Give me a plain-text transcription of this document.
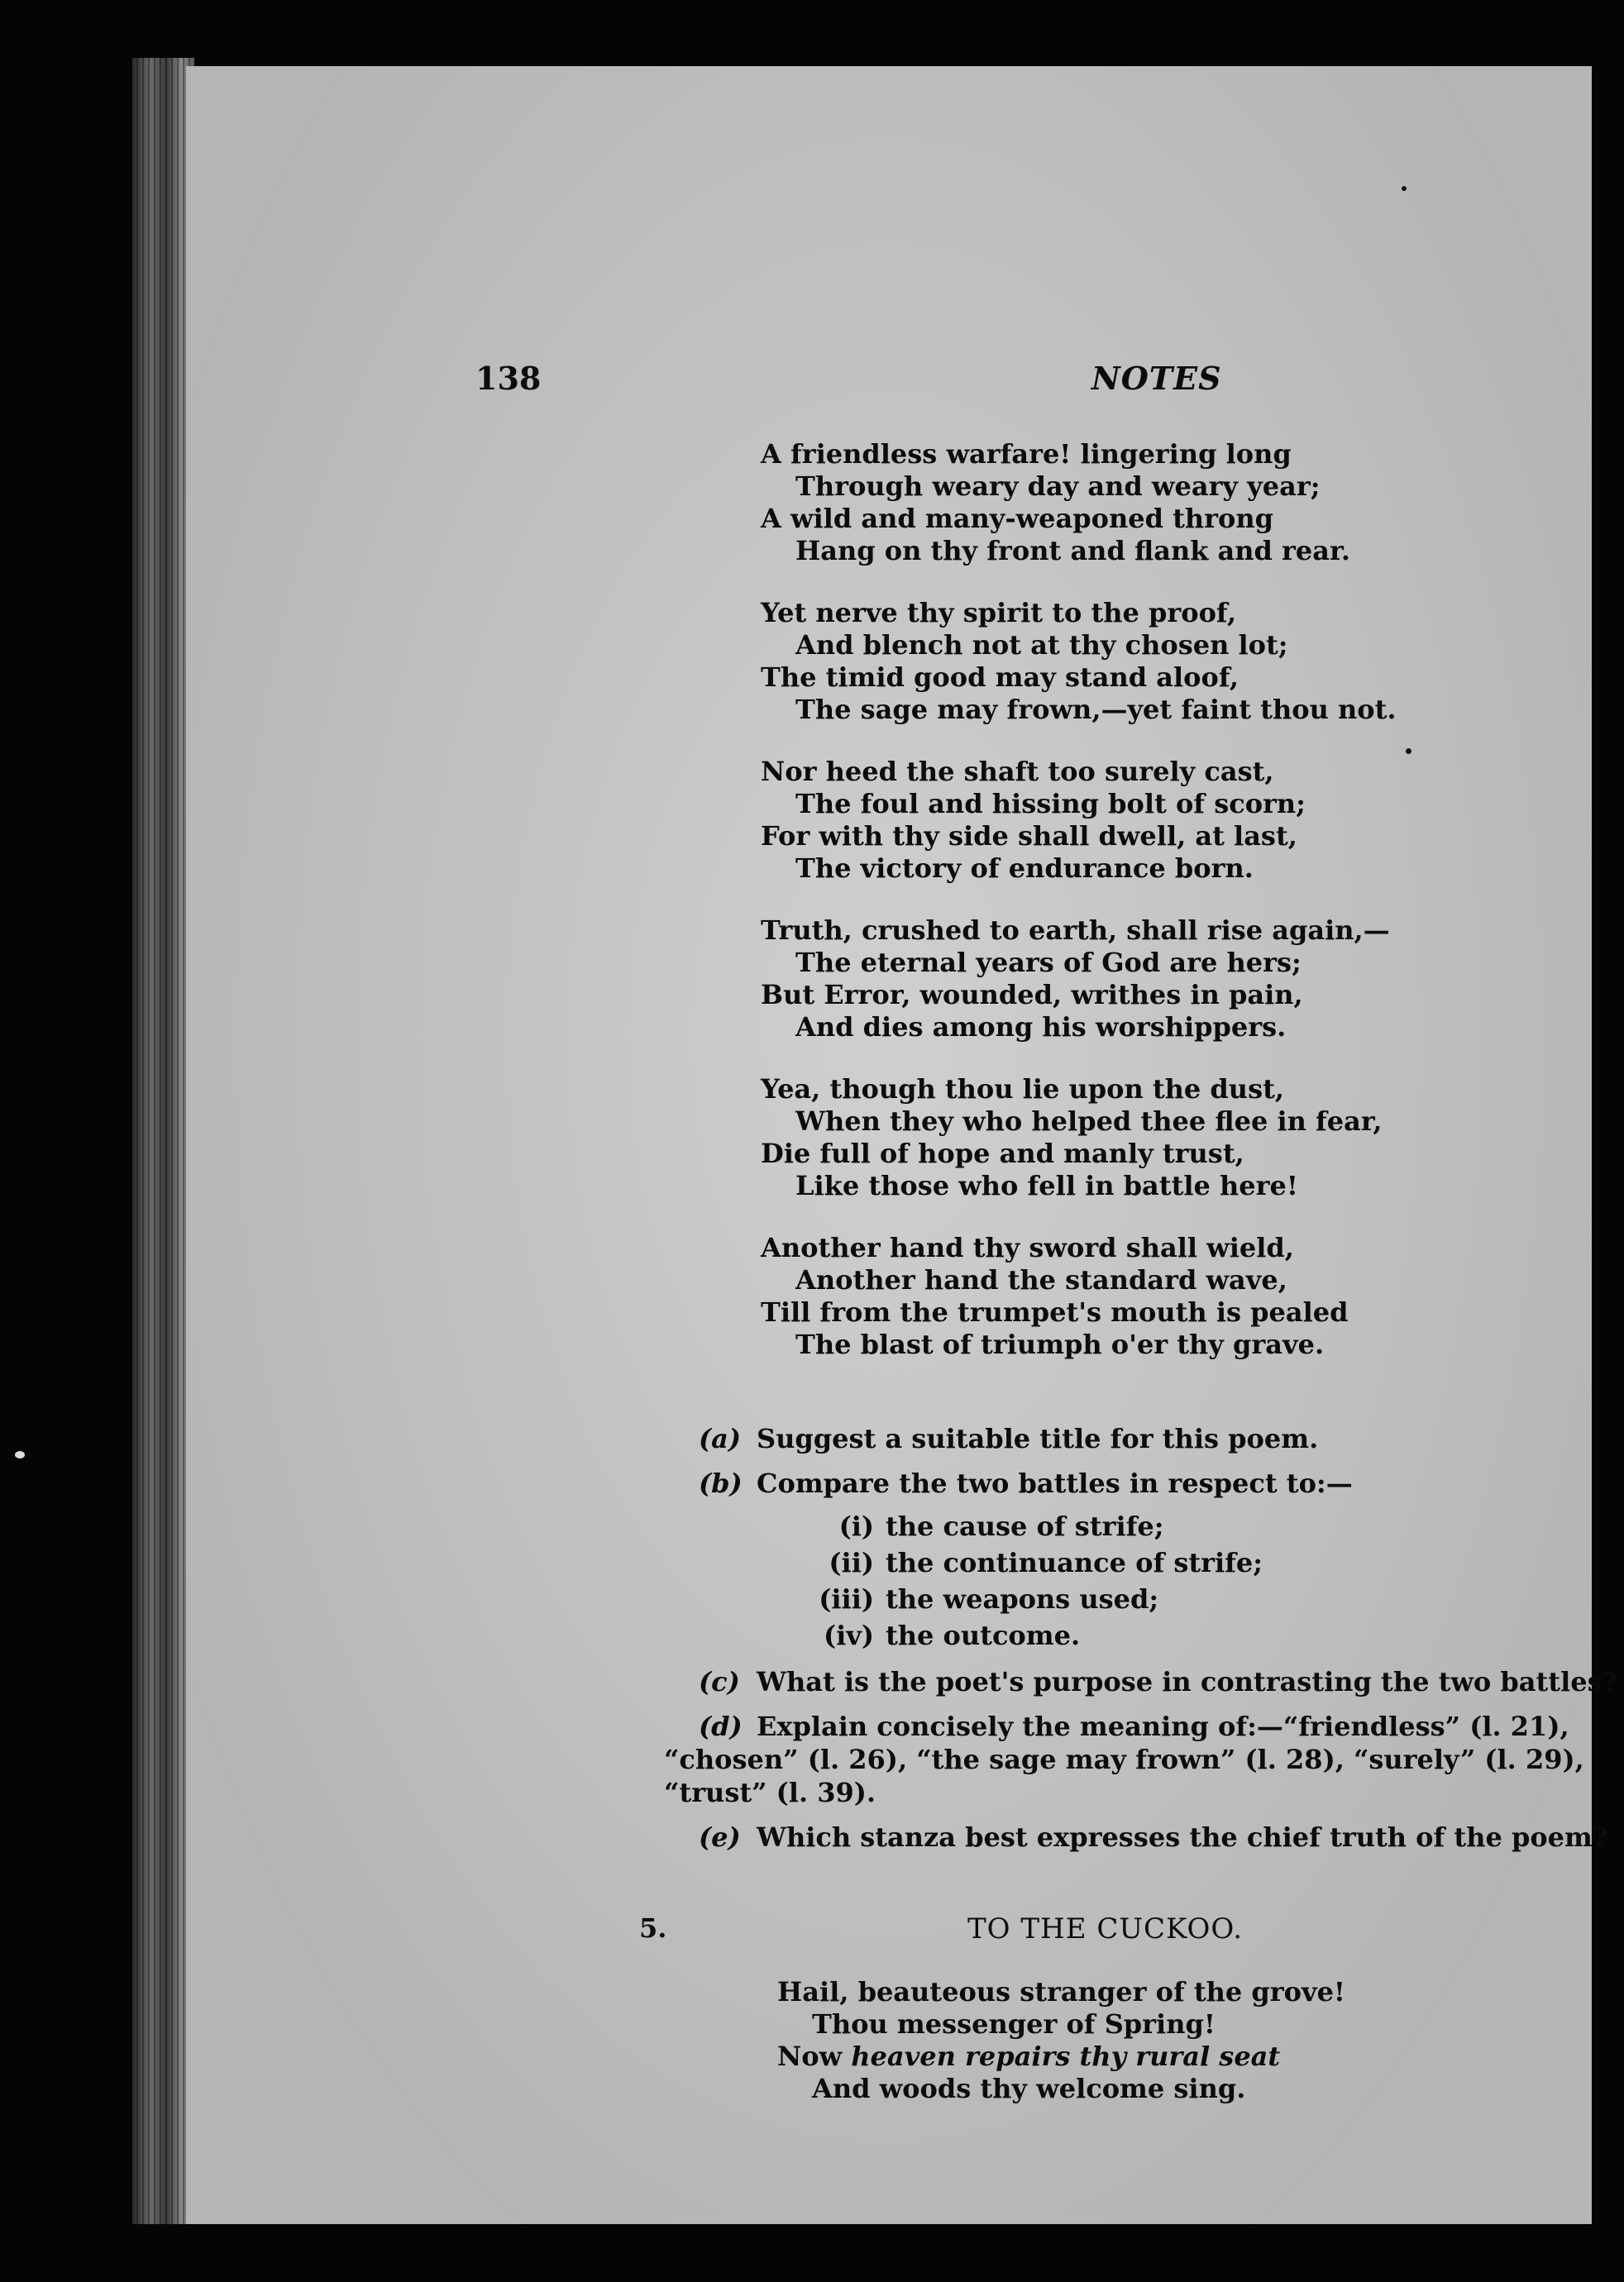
138	NOTES
A friendless warfare! lingering long
Through weary day and weary year;
A wild and many-weaponed throng
Hang on thy front and flank and rear.
Yet nerve thy spirit to the proof,
And blench not at thy chosen lot;
The timid good may stand aloof,
The sage may frown,—yet faint thou not.
Nor heed the shaft too surely cast,
The foul and hissing bolt of scorn;
For with thy side shall dwell, at last,
The victory of endurance born.
Truth, crushed to earth, shall rise again,—
The eternal years of God are hers;
But Error, wounded, writhes in pain,
And dies among his worshippers.
Yea, though thou lie upon the dust,
When they who helped thee flee in fear,
Die full of hope and manly trust,
Like those who fell in battle here!
Another hand thy sword shall wield,
Another hand the standard wave,
Till from the trumpet's mouth is pealed
The blast of triumph o'er thy grave.
(a) Suggest a suitable title for this poem.
(b) Compare the two battles in respect to:—
(i) the cause of strife;
(ii) the continuance of strife;
(iii) the weapons used;
(iv) the outcome.
(c) What is the poet's purpose in contrasting the two battles?
(d) Explain concisely the meaning of:—“friendless” (l. 21),
“chosen” (l. 26), “the sage may frown” (l. 28), “surely” (l. 29),
“trust” (l. 39).
(e) Which stanza best expresses the chief truth of the poem?
5.	TO THE CUCKOO.
Hail, beauteous stranger of the grove!
Thou messenger of Spring!
Now heaven repairs thy rural seat
And woods thy welcome sing.
